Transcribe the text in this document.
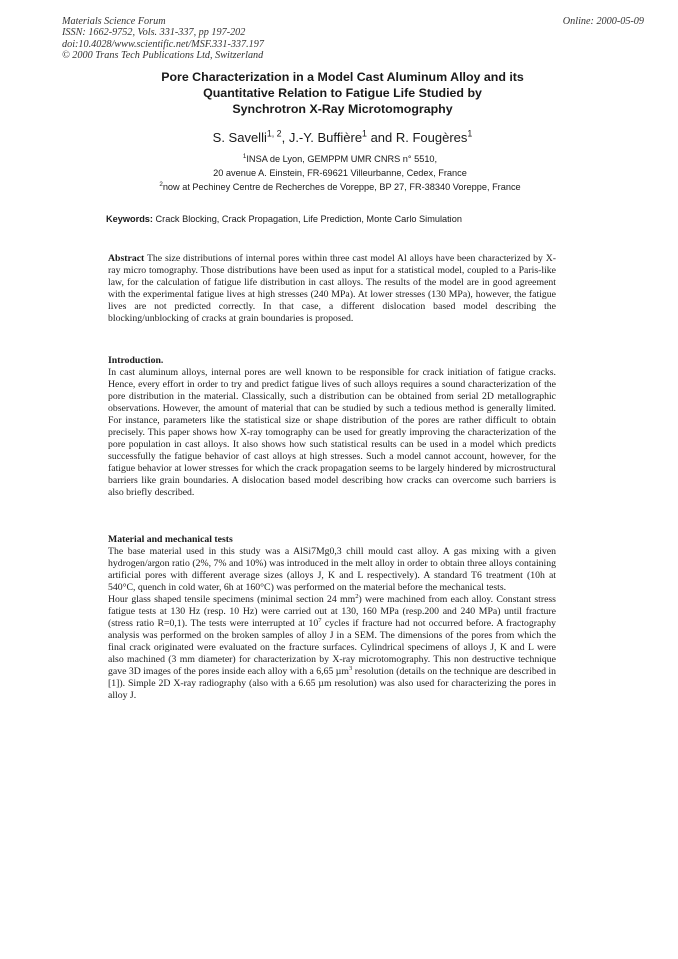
Materials Science Forum
ISSN: 1662-9752, Vols. 331-337, pp 197-202
doi:10.4028/www.scientific.net/MSF.331-337.197
© 2000 Trans Tech Publications Ltd, Switzerland
Online: 2000-05-09
Pore Characterization in a Model Cast Aluminum Alloy and its
Quantitative Relation to Fatigue Life Studied by
Synchrotron X-Ray Microtomography
S. Savelli$^{1, 2}$, J.-Y. Buffière$^1$ and R. Fougères$^1$
$^1$INSA de Lyon, GEMPPM UMR CNRS n° 5510,
20 avenue A. Einstein, FR-69621 Villeurbanne, Cedex, France
$^2$now at Pechiney Centre de Recherches de Voreppe, BP 27, FR-38340 Voreppe, France
Keywords: Crack Blocking, Crack Propagation, Life Prediction, Monte Carlo Simulation

Abstract The size distributions of internal pores within three cast model Al alloys have been characterized by X-ray micro tomography. Those distributions have been used as input for a statistical model, coupled to a Paris-like law, for the calculation of fatigue life distribution in cast alloys. The results of the model are in good agreement with the experimental fatigue lives at high stresses (240 MPa). At lower stresses (130 MPa), however, the fatigue lives are not predicted correctly. In that case, a different dislocation based model describing the blocking/unblocking of cracks at grain boundaries is proposed.

Introduction.

In cast aluminum alloys, internal pores are well known to be responsible for crack initiation of fatigue cracks. Hence, every effort in order to try and predict fatigue lives of such alloys requires a sound characterization of the pore distribution in the material. Classically, such a distribution can be obtained from serial 2D metallographic observations. However, the amount of material that can be studied by such a tedious method is generally limited. For instance, parameters like the statistical size or shape distribution of the pores are rather difficult to obtain precisely. This paper shows how X-ray tomography can be used for greatly improving the characterization of the pore population in cast alloys. It also shows how such statistical results can be used in a model which predicts successfully the fatigue behavior of cast alloys at high stresses. Such a model cannot account, however, for the fatigue behavior at lower stresses for which the crack propagation seems to be largely hindered by microstructural barriers like grain boundaries. A dislocation based model describing how cracks can overcome such barriers is also briefly described.

Material and mechanical tests

The base material used in this study was a AlSi7Mg0,3 chill mould cast alloy. A gas mixing with a given hydrogen/argon ratio (2%, 7% and 10%) was introduced in the melt alloy in order to obtain three alloys containing artificial pores with different average sizes (alloys J, K and L respectively). A standard T6 treatment (10h at 540°C, quench in cold water, 6h at 160°C) was performed on the material before the mechanical tests.

Hour glass shaped tensile specimens (minimal section 24 $mm^2$) were machined from each alloy. Constant stress fatigue tests at 130 Hz (resp. 10 Hz) were carried out at 130, 160 MPa (resp.200 and 240 MPa) until fracture (stress ratio R=0,1). The tests were interrupted at $10^7$ cycles if fracture had not occurred before. A fractography analysis was performed on the broken samples of alloy J in a SEM. The dimensions of the pores from which the final crack originated were evaluated on the fracture surfaces. Cylindrical specimens of alloys J, K and L were also machined (3 mm diameter) for characterization by X-ray microtomography. This non destructive technique gave 3D images of the pores inside each alloy with a 6,65 µm$^3$ resolution (details on the technique are described in [1]). Simple 2D X-ray radiography (also with a 6.65 µm resolution) was also used for characterizing the pores in alloy J.
